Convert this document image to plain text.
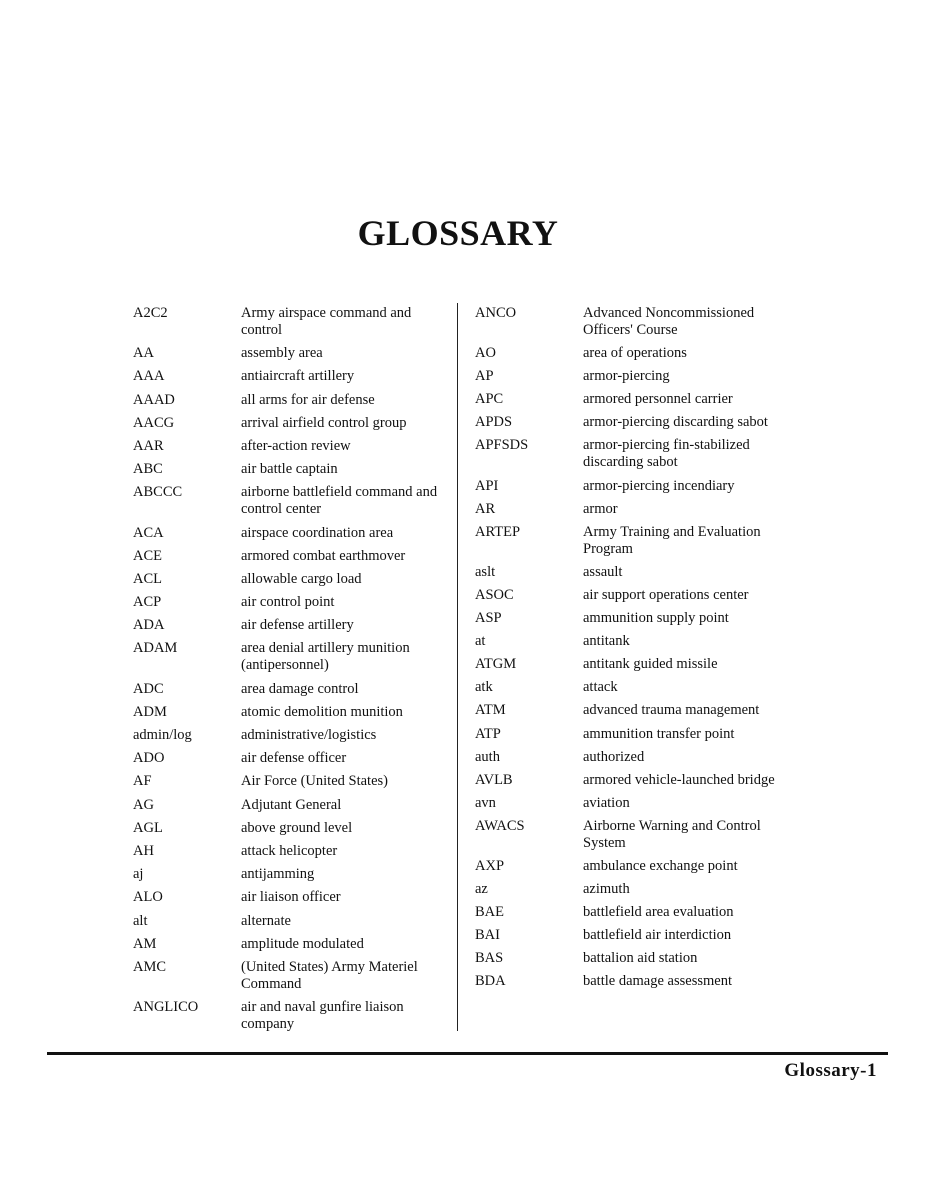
GLOSSARY
A2C2	Army airspace command and control
AA	assembly area
AAA	antiaircraft artillery
AAAD	all arms for air defense
AACG	arrival airfield control group
AAR	after-action review
ABC	air battle captain
ABCCC	airborne battlefield command and control center
ACA	airspace coordination area
ACE	armored combat earthmover
ACL	allowable cargo load
ACP	air control point
ADA	air defense artillery
ADAM	area denial artillery munition (antipersonnel)
ADC	area damage control
ADM	atomic demolition munition
admin/log	administrative/logistics
ADO	air defense officer
AF	Air Force (United States)
AG	Adjutant General
AGL	above ground level
AH	attack helicopter
aj	antijamming
ALO	air liaison officer
alt	alternate
AM	amplitude modulated
AMC	(United States) Army Materiel Command
ANGLICO	air and naval gunfire liaison company
ANCO	Advanced Noncommissioned Officers' Course
AO	area of operations
AP	armor-piercing
APC	armored personnel carrier
APDS	armor-piercing discarding sabot
APFSDS	armor-piercing fin-stabilized discarding sabot
API	armor-piercing incendiary
AR	armor
ARTEP	Army Training and Evaluation Program
aslt	assault
ASOC	air support operations center
ASP	ammunition supply point
at	antitank
ATGM	antitank guided missile
atk	attack
ATM	advanced trauma management
ATP	ammunition transfer point
auth	authorized
AVLB	armored vehicle-launched bridge
avn	aviation
AWACS	Airborne Warning and Control System
AXP	ambulance exchange point
az	azimuth
BAE	battlefield area evaluation
BAI	battlefield air interdiction
BAS	battalion aid station
BDA	battle damage assessment
Glossary-1
